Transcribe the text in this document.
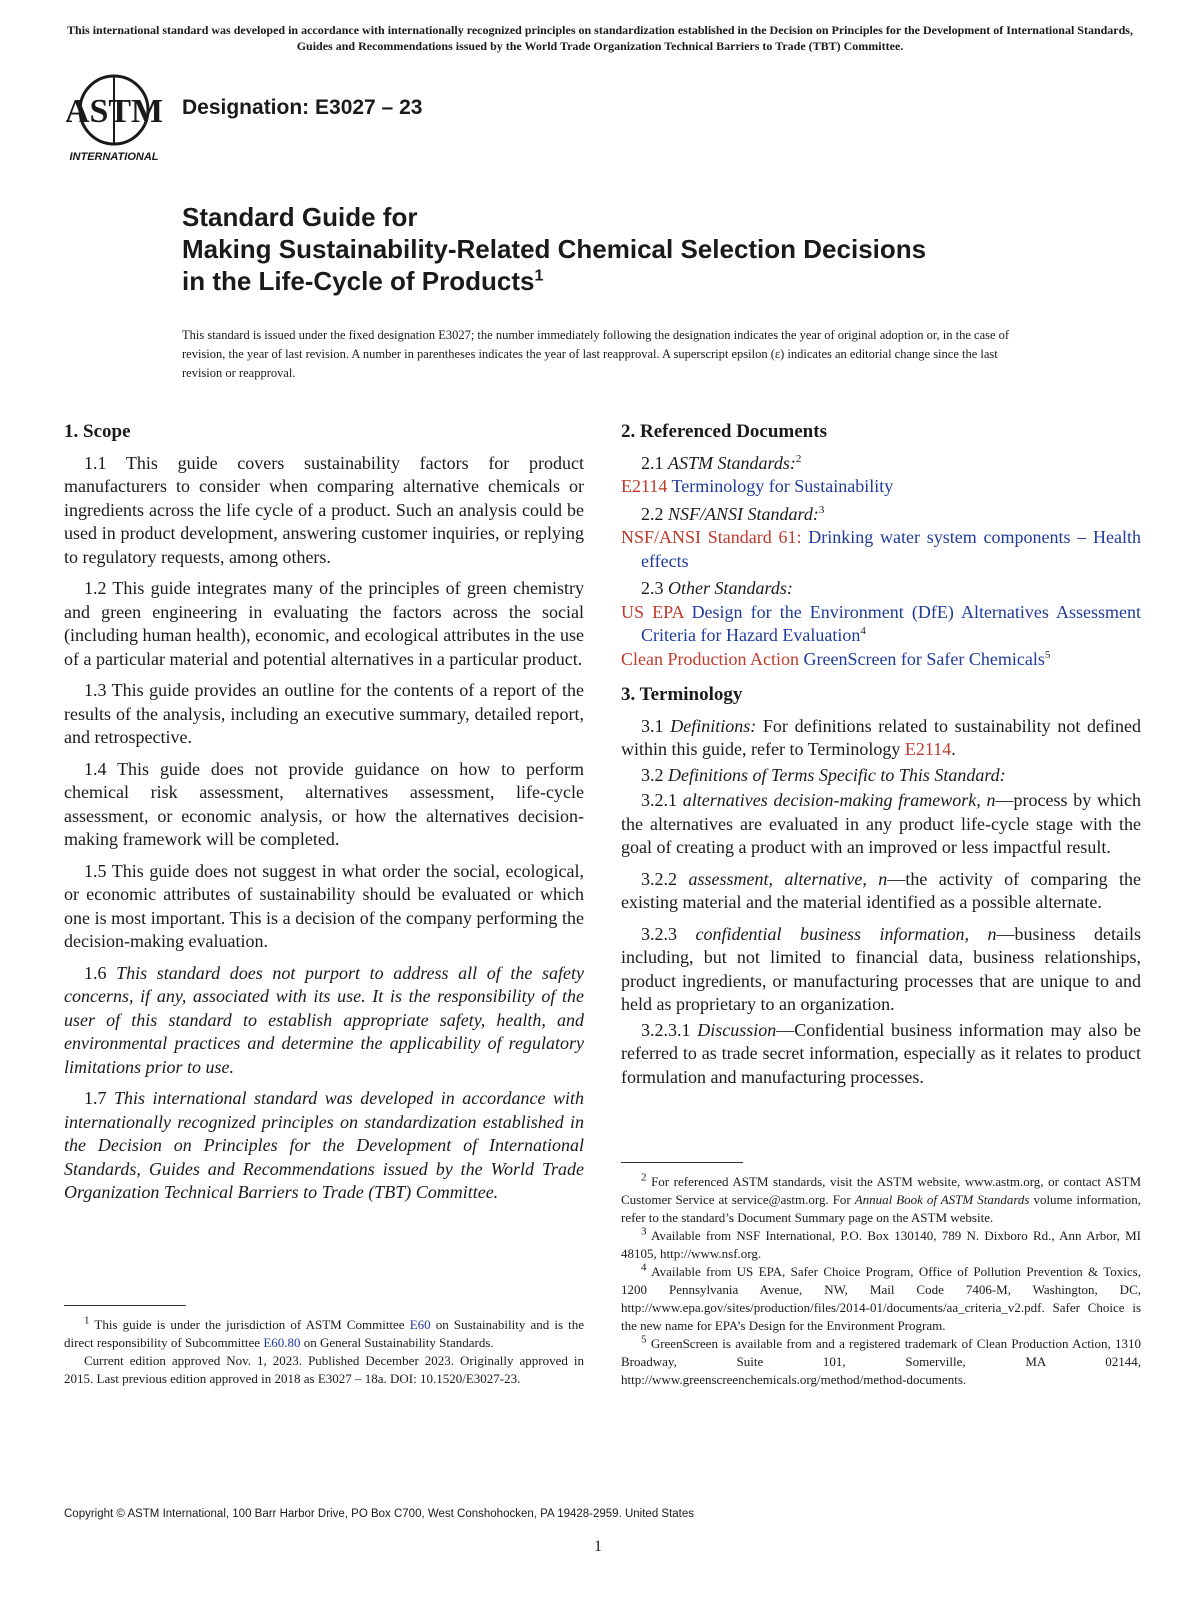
This international standard was developed in accordance with internationally recognized principles on standardization established in the Decision on Principles for the Development of International Standards, Guides and Recommendations issued by the World Trade Organization Technical Barriers to Trade (TBT) Committee.
ASTM
INTERNATIONAL
Designation: E3027 – 23
Standard Guide for
Making Sustainability-Related Chemical Selection Decisions
in the Life-Cycle of Products$^1$
This standard is issued under the fixed designation E3027; the number immediately following the designation indicates the year of original adoption or, in the case of revision, the year of last revision. A number in parentheses indicates the year of last reapproval. A superscript epsilon (ε) indicates an editorial change since the last revision or reapproval.
1. Scope

1.1 This guide covers sustainability factors for product manufacturers to consider when comparing alternative chemicals or ingredients across the life cycle of a product. Such an analysis could be used in product development, answering customer inquiries, or replying to regulatory requests, among others.

1.2 This guide integrates many of the principles of green chemistry and green engineering in evaluating the factors across the social (including human health), economic, and ecological attributes in the use of a particular material and potential alternatives in a particular product.

1.3 This guide provides an outline for the contents of a report of the results of the analysis, including an executive summary, detailed report, and retrospective.

1.4 This guide does not provide guidance on how to perform chemical risk assessment, alternatives assessment, life-cycle assessment, or economic analysis, or how the alternatives decision-making framework will be completed.

1.5 This guide does not suggest in what order the social, ecological, or economic attributes of sustainability should be evaluated or which one is most important. This is a decision of the company performing the decision-making evaluation.

1.6 This standard does not purport to address all of the safety concerns, if any, associated with its use. It is the responsibility of the user of this standard to establish appropriate safety, health, and environmental practices and determine the applicability of regulatory limitations prior to use.

1.7 This international standard was developed in accordance with internationally recognized principles on standardization established in the Decision on Principles for the Development of International Standards, Guides and Recommendations issued by the World Trade Organization Technical Barriers to Trade (TBT) Committee.

2. Referenced Documents
2.1 ASTM Standards:$^2$
E2114 Terminology for Sustainability
2.2 NSF/ANSI Standard:$^3$
NSF/ANSI Standard 61: Drinking water system components – Health effects
2.3 Other Standards:
US EPA Design for the Environment (DfE) Alternatives Assessment Criteria for Hazard Evaluation$^4$
Clean Production Action GreenScreen for Safer Chemicals$^5$
3. Terminology

3.1 Definitions: For definitions related to sustainability not defined within this guide, refer to Terminology E2114.

3.2 Definitions of Terms Specific to This Standard:

3.2.1 alternatives decision-making framework, n—process by which the alternatives are evaluated in any product life-cycle stage with the goal of creating a product with an improved or less impactful result.

3.2.2 assessment, alternative, n—the activity of comparing the existing material and the material identified as a possible alternate.

3.2.3 confidential business information, n—business details including, but not limited to financial data, business relationships, product ingredients, or manufacturing processes that are unique to and held as proprietary to an organization.

3.2.3.1 Discussion—Confidential business information may also be referred to as trade secret information, especially as it relates to product formulation and manufacturing processes.

$^1$ This guide is under the jurisdiction of ASTM Committee E60 on Sustainability and is the direct responsibility of Subcommittee E60.80 on General Sustainability Standards.

Current edition approved Nov. 1, 2023. Published December 2023. Originally approved in 2015. Last previous edition approved in 2018 as E3027 – 18a. DOI: 10.1520/E3027-23.

$^2$ For referenced ASTM standards, visit the ASTM website, www.astm.org, or contact ASTM Customer Service at service@astm.org. For Annual Book of ASTM Standards volume information, refer to the standard’s Document Summary page on the ASTM website.

$^3$ Available from NSF International, P.O. Box 130140, 789 N. Dixboro Rd., Ann Arbor, MI 48105, http://www.nsf.org.

$^4$ Available from US EPA, Safer Choice Program, Office of Pollution Prevention & Toxics, 1200 Pennsylvania Avenue, NW, Mail Code 7406-M, Washington, DC, http://www.epa.gov/sites/production/files/2014-01/documents/aa_criteria_v2.pdf. Safer Choice is the new name for EPA’s Design for the Environment Program.

$^5$ GreenScreen is available from and a registered trademark of Clean Production Action, 1310 Broadway, Suite 101, Somerville, MA 02144, http://www.greenscreenchemicals.org/method/method-documents.

Copyright © ASTM International, 100 Barr Harbor Drive, PO Box C700, West Conshohocken, PA 19428-2959. United States
1
